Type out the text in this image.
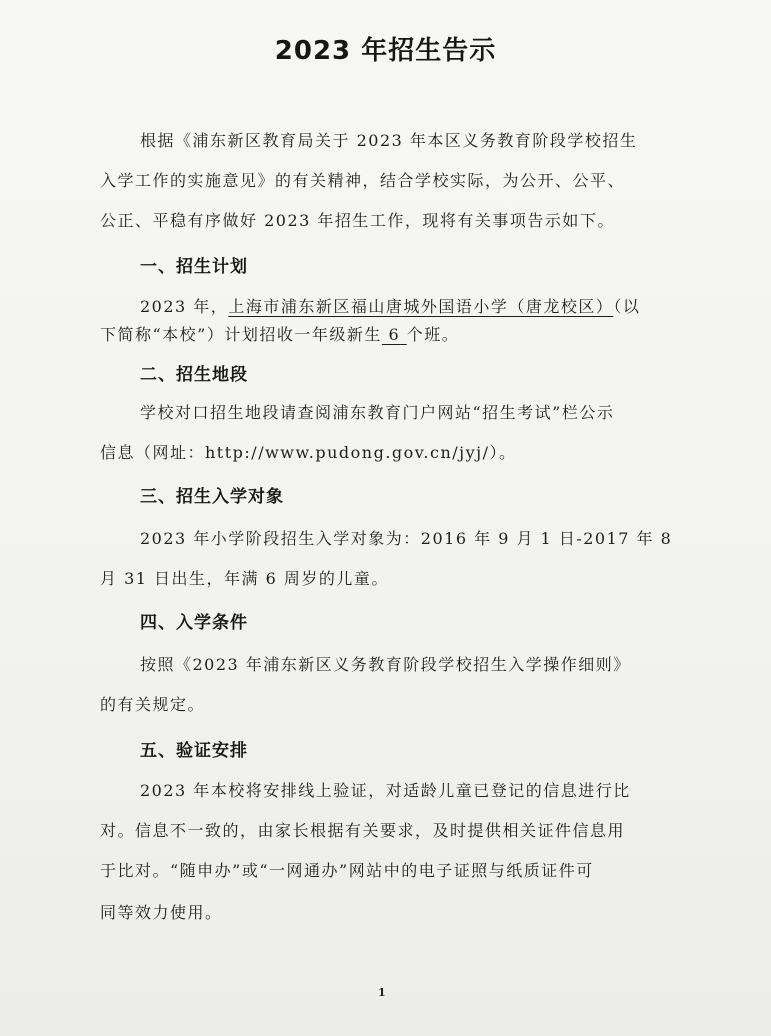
2023 年招生告示
根据《浦东新区教育局关于 2023 年本区义务教育阶段学校招生
入学工作的实施意见》的有关精神，结合学校实际，为公开、公平、
公正、平稳有序做好 2023 年招生工作，现将有关事项告示如下。
一、招生计划
2023 年，上海市浦东新区福山唐城外国语小学（唐龙校区）（以
下简称“本校”）计划招收一年级新生 6 个班。
二、招生地段
学校对口招生地段请查阅浦东教育门户网站“招生考试”栏公示
信息（网址：http://www.pudong.gov.cn/jyj/）。
三、招生入学对象
2023 年小学阶段招生入学对象为：2016 年 9 月 1 日-2017 年 8
月 31 日出生，年满 6 周岁的儿童。
四、入学条件
按照《2023 年浦东新区义务教育阶段学校招生入学操作细则》
的有关规定。
五、验证安排
2023 年本校将安排线上验证，对适龄儿童已登记的信息进行比
对。信息不一致的，由家长根据有关要求，及时提供相关证件信息用
于比对。“随申办”或“一网通办”网站中的电子证照与纸质证件可
同等效力使用。
1
